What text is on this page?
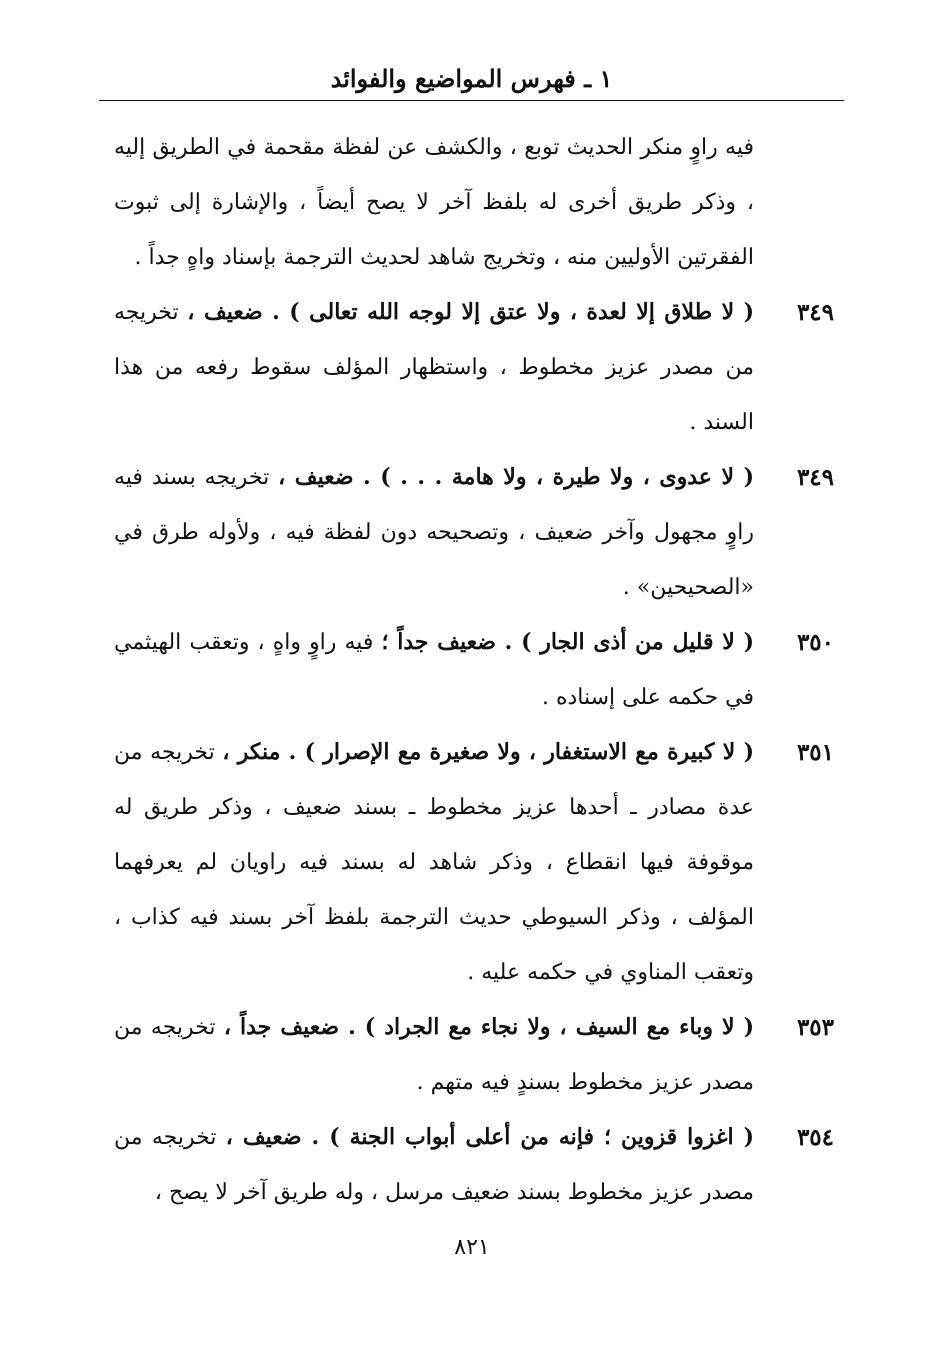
١ ـ فهرس المواضيع والفوائد
فيه راوٍ منكر الحديث توبع ، والكشف عن لفظة مقحمة في الطريق إليه ، وذكر طريق أخرى له بلفظ آخر لا يصح أيضاً ، والإشارة إلى ثبوت الفقرتين الأوليين منه ، وتخريج شاهد لحديث الترجمة بإسناد واهٍ جداً .
٣٤٩
( لا طلاق إلا لعدة ، ولا عتق إلا لوجه الله تعالى ) . ضعيف ، تخريجه من مصدر عزيز مخطوط ، واستظهار المؤلف سقوط رفعه من هذا السند .
٣٤٩
( لا عدوى ، ولا طيرة ، ولا هامة . . . ) . ضعيف ، تخريجه بسند فيه راوٍ مجهول وآخر ضعيف ، وتصحيحه دون لفظة فيه ، ولأوله طرق في «الصحيحين» .
٣٥٠
( لا قليل من أذى الجار ) . ضعيف جداً ؛ فيه راوٍ واهٍ ، وتعقب الهيثمي في حكمه على إسناده .
٣٥١
( لا كبيرة مع الاستغفار ، ولا صغيرة مع الإصرار ) . منكر ، تخريجه من عدة مصادر ـ أحدها عزيز مخطوط ـ بسند ضعيف ، وذكر طريق له موقوفة فيها انقطاع ، وذكر شاهد له بسند فيه راويان لم يعرفهما المؤلف ، وذكر السيوطي حديث الترجمة بلفظ آخر بسند فيه كذاب ، وتعقب المناوي في حكمه عليه .
٣٥٣
( لا وباء مع السيف ، ولا نجاء مع الجراد ) . ضعيف جداً ، تخريجه من مصدر عزيز مخطوط بسندٍ فيه متهم .
٣٥٤
( اغزوا قزوين ؛ فإنه من أعلى أبواب الجنة ) . ضعيف ، تخريجه من مصدر عزيز مخطوط بسند ضعيف مرسل ، وله طريق آخر لا يصح ،
٨٢١
